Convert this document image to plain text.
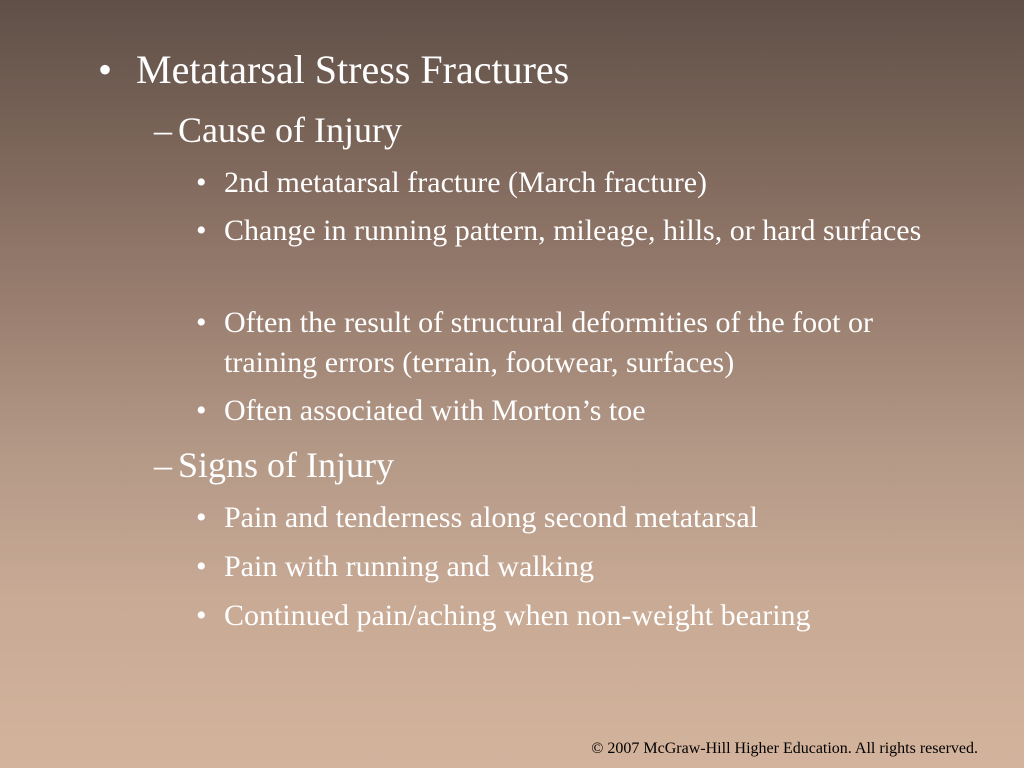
• Metatarsal Stress Fractures
– Cause of Injury
• 2nd metatarsal fracture (March fracture)
• Change in running pattern, mileage, hills, or hard surfaces
• Often the result of structural deformities of the foot or training errors (terrain, footwear, surfaces)
• Often associated with Morton’s toe
– Signs of Injury
• Pain and tenderness along second metatarsal
• Pain with running and walking
• Continued pain/aching when non-weight bearing
© 2007 McGraw-Hill Higher Education. All rights reserved.
